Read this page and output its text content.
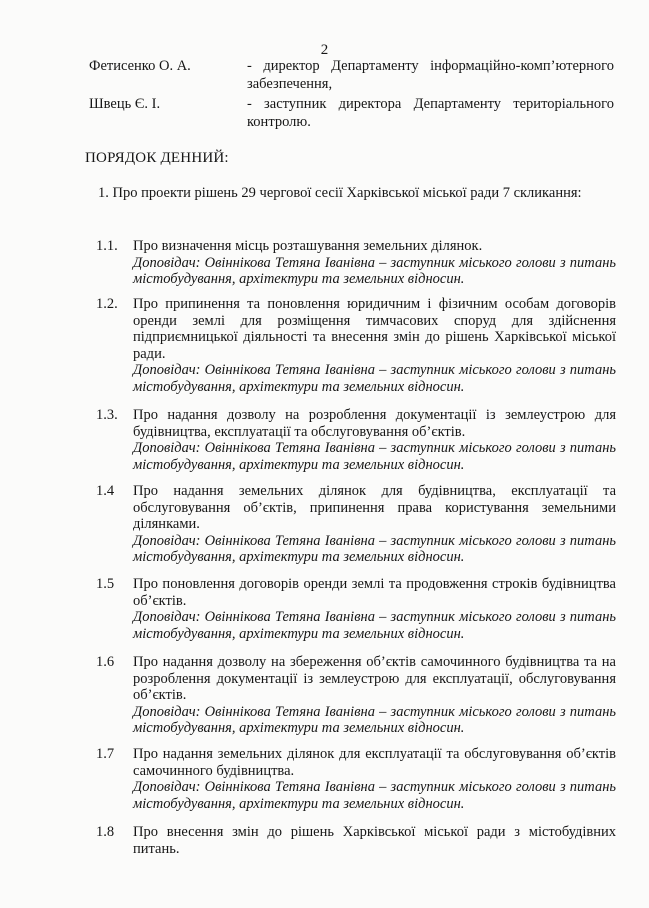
2
Фетисенко О. А.	- директор Департаменту інформаційно-комп’ютерного забезпечення,
Швець Є. І.	- заступник директора Департаменту територіального контролю.
ПОРЯДОК ДЕННИЙ:
1. Про проекти рішень 29 чергової сесії Харківської міської ради 7 скликання:
1.1. Про визначення місць розташування земельних ділянок.
Доповідач: Овіннікова Тетяна Іванівна – заступник міського голови з питань містобудування, архітектури та земельних відносин.
1.2. Про припинення та поновлення юридичним і фізичним особам договорів оренди землі для розміщення тимчасових споруд для здійснення підприємницької діяльності та внесення змін до рішень Харківської міської ради.
Доповідач: Овіннікова Тетяна Іванівна – заступник міського голови з питань містобудування, архітектури та земельних відносин.
1.3. Про надання дозволу на розроблення документації із землеустрою для будівництва, експлуатації та обслуговування об’єктів.
Доповідач: Овіннікова Тетяна Іванівна – заступник міського голови з питань містобудування, архітектури та земельних відносин.
1.4 Про надання земельних ділянок для будівництва, експлуатації та обслуговування об’єктів, припинення права користування земельними ділянками.
Доповідач: Овіннікова Тетяна Іванівна – заступник міського голови з питань містобудування, архітектури та земельних відносин.
1.5 Про поновлення договорів оренди землі та продовження строків будівництва об’єктів.
Доповідач: Овіннікова Тетяна Іванівна – заступник міського голови з питань містобудування, архітектури та земельних відносин.
1.6 Про надання дозволу на збереження об’єктів самочинного будівництва та на розроблення документації із землеустрою для експлуатації, обслуговування об’єктів.
Доповідач: Овіннікова Тетяна Іванівна – заступник міського голови з питань містобудування, архітектури та земельних відносин.
1.7 Про надання земельних ділянок для експлуатації та обслуговування об’єктів самочинного будівництва.
Доповідач: Овіннікова Тетяна Іванівна – заступник міського голови з питань містобудування, архітектури та земельних відносин.
1.8 Про внесення змін до рішень Харківської міської ради з містобудівних питань.
